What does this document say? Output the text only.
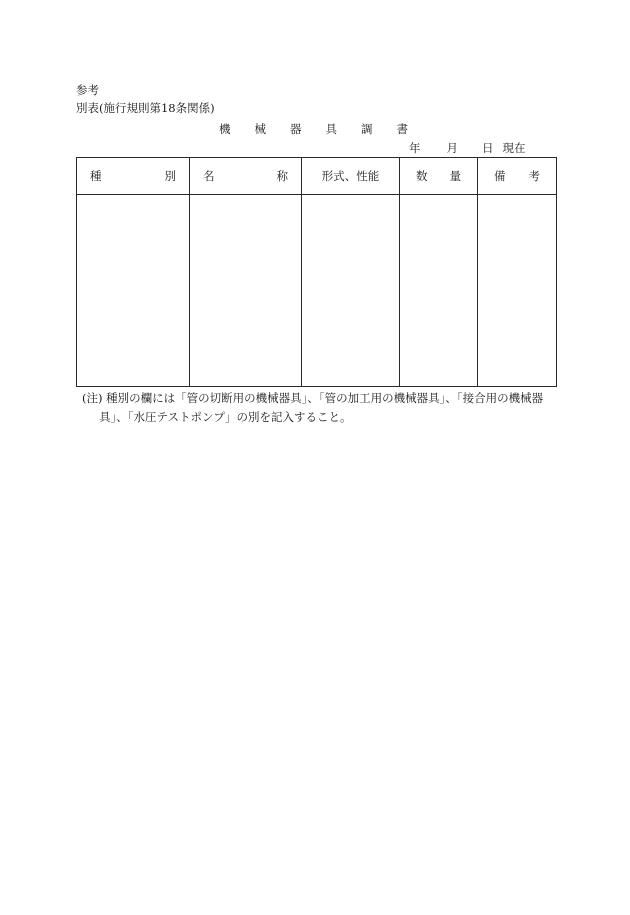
参考
別表(施行規則第18条関係)
機 械 器 具 調 書
年 月 日 現在
種 別	名 称	形式、性能	数 量	備 考

(注) 種別の欄には「管の切断用の機械器具」、「管の加工用の機械器具」、「接合用の機械器
具」、「水圧テストポンプ」の別を記入すること。
